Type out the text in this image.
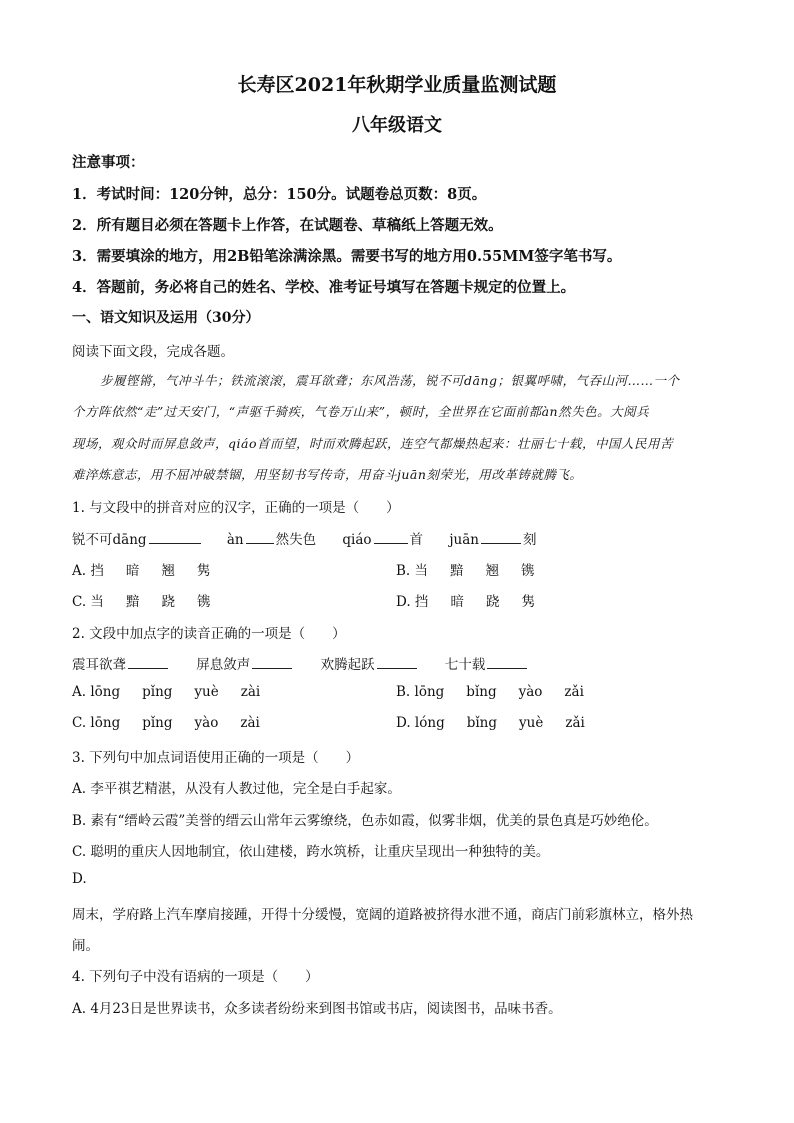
长寿区2021年秋期学业质量监测试题
八年级语文
注意事项：
1．考试时间：120分钟，总分：150分。试题卷总页数：8页。
2．所有题目必须在答题卡上作答，在试题卷、草稿纸上答题无效。
3．需要填涂的地方，用2B铅笔涂满涂黑。需要书写的地方用0.55MM签字笔书写。
4．答题前，务必将自己的姓名、学校、准考证号填写在答题卡规定的位置上。
一、语文知识及运用（30分）
阅读下面文段，完成各题。
步履铿锵，气冲斗牛；铁流滚滚，震耳欲聋；东风浩荡，锐不可dāng；银翼呼啸，气吞山河……一个
个方阵依然“走”过天安门，“声驱千骑疾，气卷万山来”，顿时，全世界在它面前都àn然失色。大阅兵
现场，观众时而屏息敛声，qiáo首而望，时而欢腾起跃，连空气都燥热起来：壮丽七十载，中国人民用苦
难淬炼意志，用不屈冲破禁锢，用坚韧书写传奇，用奋斗juān刻荣光，用改革铸就腾飞。
1. 与文段中的拼音对应的汉字，正确的一项是（　　）
锐不可dāng	àn 然失色 qiáo	首 juān	刻
A. 挡 暗 翘 隽	B. 当 黯 翘 镌
C. 当 黯 跷 镌	D. 挡 暗 跷 隽
2. 文段中加点字的读音正确的一项是（　　）
震耳欲聋	屏息敛声	欢腾起跃	七十载
A. lōng pǐng yuè zài	B. lōng bǐng yào zǎi
C. lōng pǐng yào zài	D. lóng bǐng yuè zǎi
3. 下列句中加点词语使用正确的一项是（　　）
A. 李平祺艺精湛，从没有人教过他，完全是白手起家。
B. 素有“缙岭云霞”美誉的缙云山常年云雾缭绕，色赤如霞，似雾非烟，优美的景色真是巧妙绝伦。
C. 聪明的重庆人因地制宜，依山建楼，跨水筑桥，让重庆呈现出一种独特的美。
D.
周末，学府路上汽车摩肩接踵，开得十分缓慢，宽阔的道路被挤得水泄不通，商店门前彩旗林立，格外热
闹。
4. 下列句子中没有语病的一项是（　　）
A. 4月23日是世界读书，众多读者纷纷来到图书馆或书店，阅读图书，品味书香。
